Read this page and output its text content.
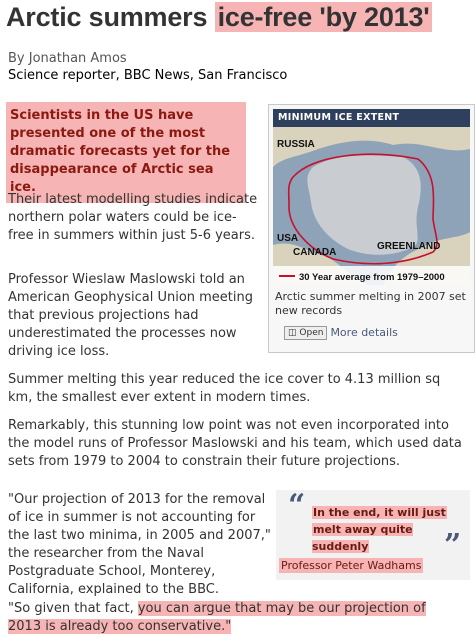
Arctic summers ice-free 'by 2013'
By Jonathan Amos
Science reporter, BBC News, San Francisco
Scientists in the US have presented one of the most dramatic forecasts yet for the disappearance of Arctic sea ice.

Their latest modelling studies indicate northern polar waters could be ice-free in summers within just 5-6 years.

Professor Wieslaw Maslowski told an American Geophysical Union meeting that previous projections had underestimated the processes now driving ice loss.

Summer melting this year reduced the ice cover to 4.13 million sq km, the smallest ever extent in modern times.

Remarkably, this stunning low point was not even incorporated into the model runs of Professor Maslowski and his team, which used data sets from 1979 to 2004 to constrain their future projections.

"Our projection of 2013 for the removal of ice in summer is not accounting for the last two minima, in 2005 and 2007," the researcher from the Naval Postgraduate School, Monterey, California, explained to the BBC.

"So given that fact, you can argue that may be our projection of
2013 is already too conservative."

MINIMUM ICE EXTENT
RUSSIA
USA
CANADA
GREENLAND
30 Year average from 1979–2000
Arctic summer melting in 2007 set new records
◫ Open More details
“ In the end, it will just
melt away quite suddenly	”
Professor Peter Wadhams
